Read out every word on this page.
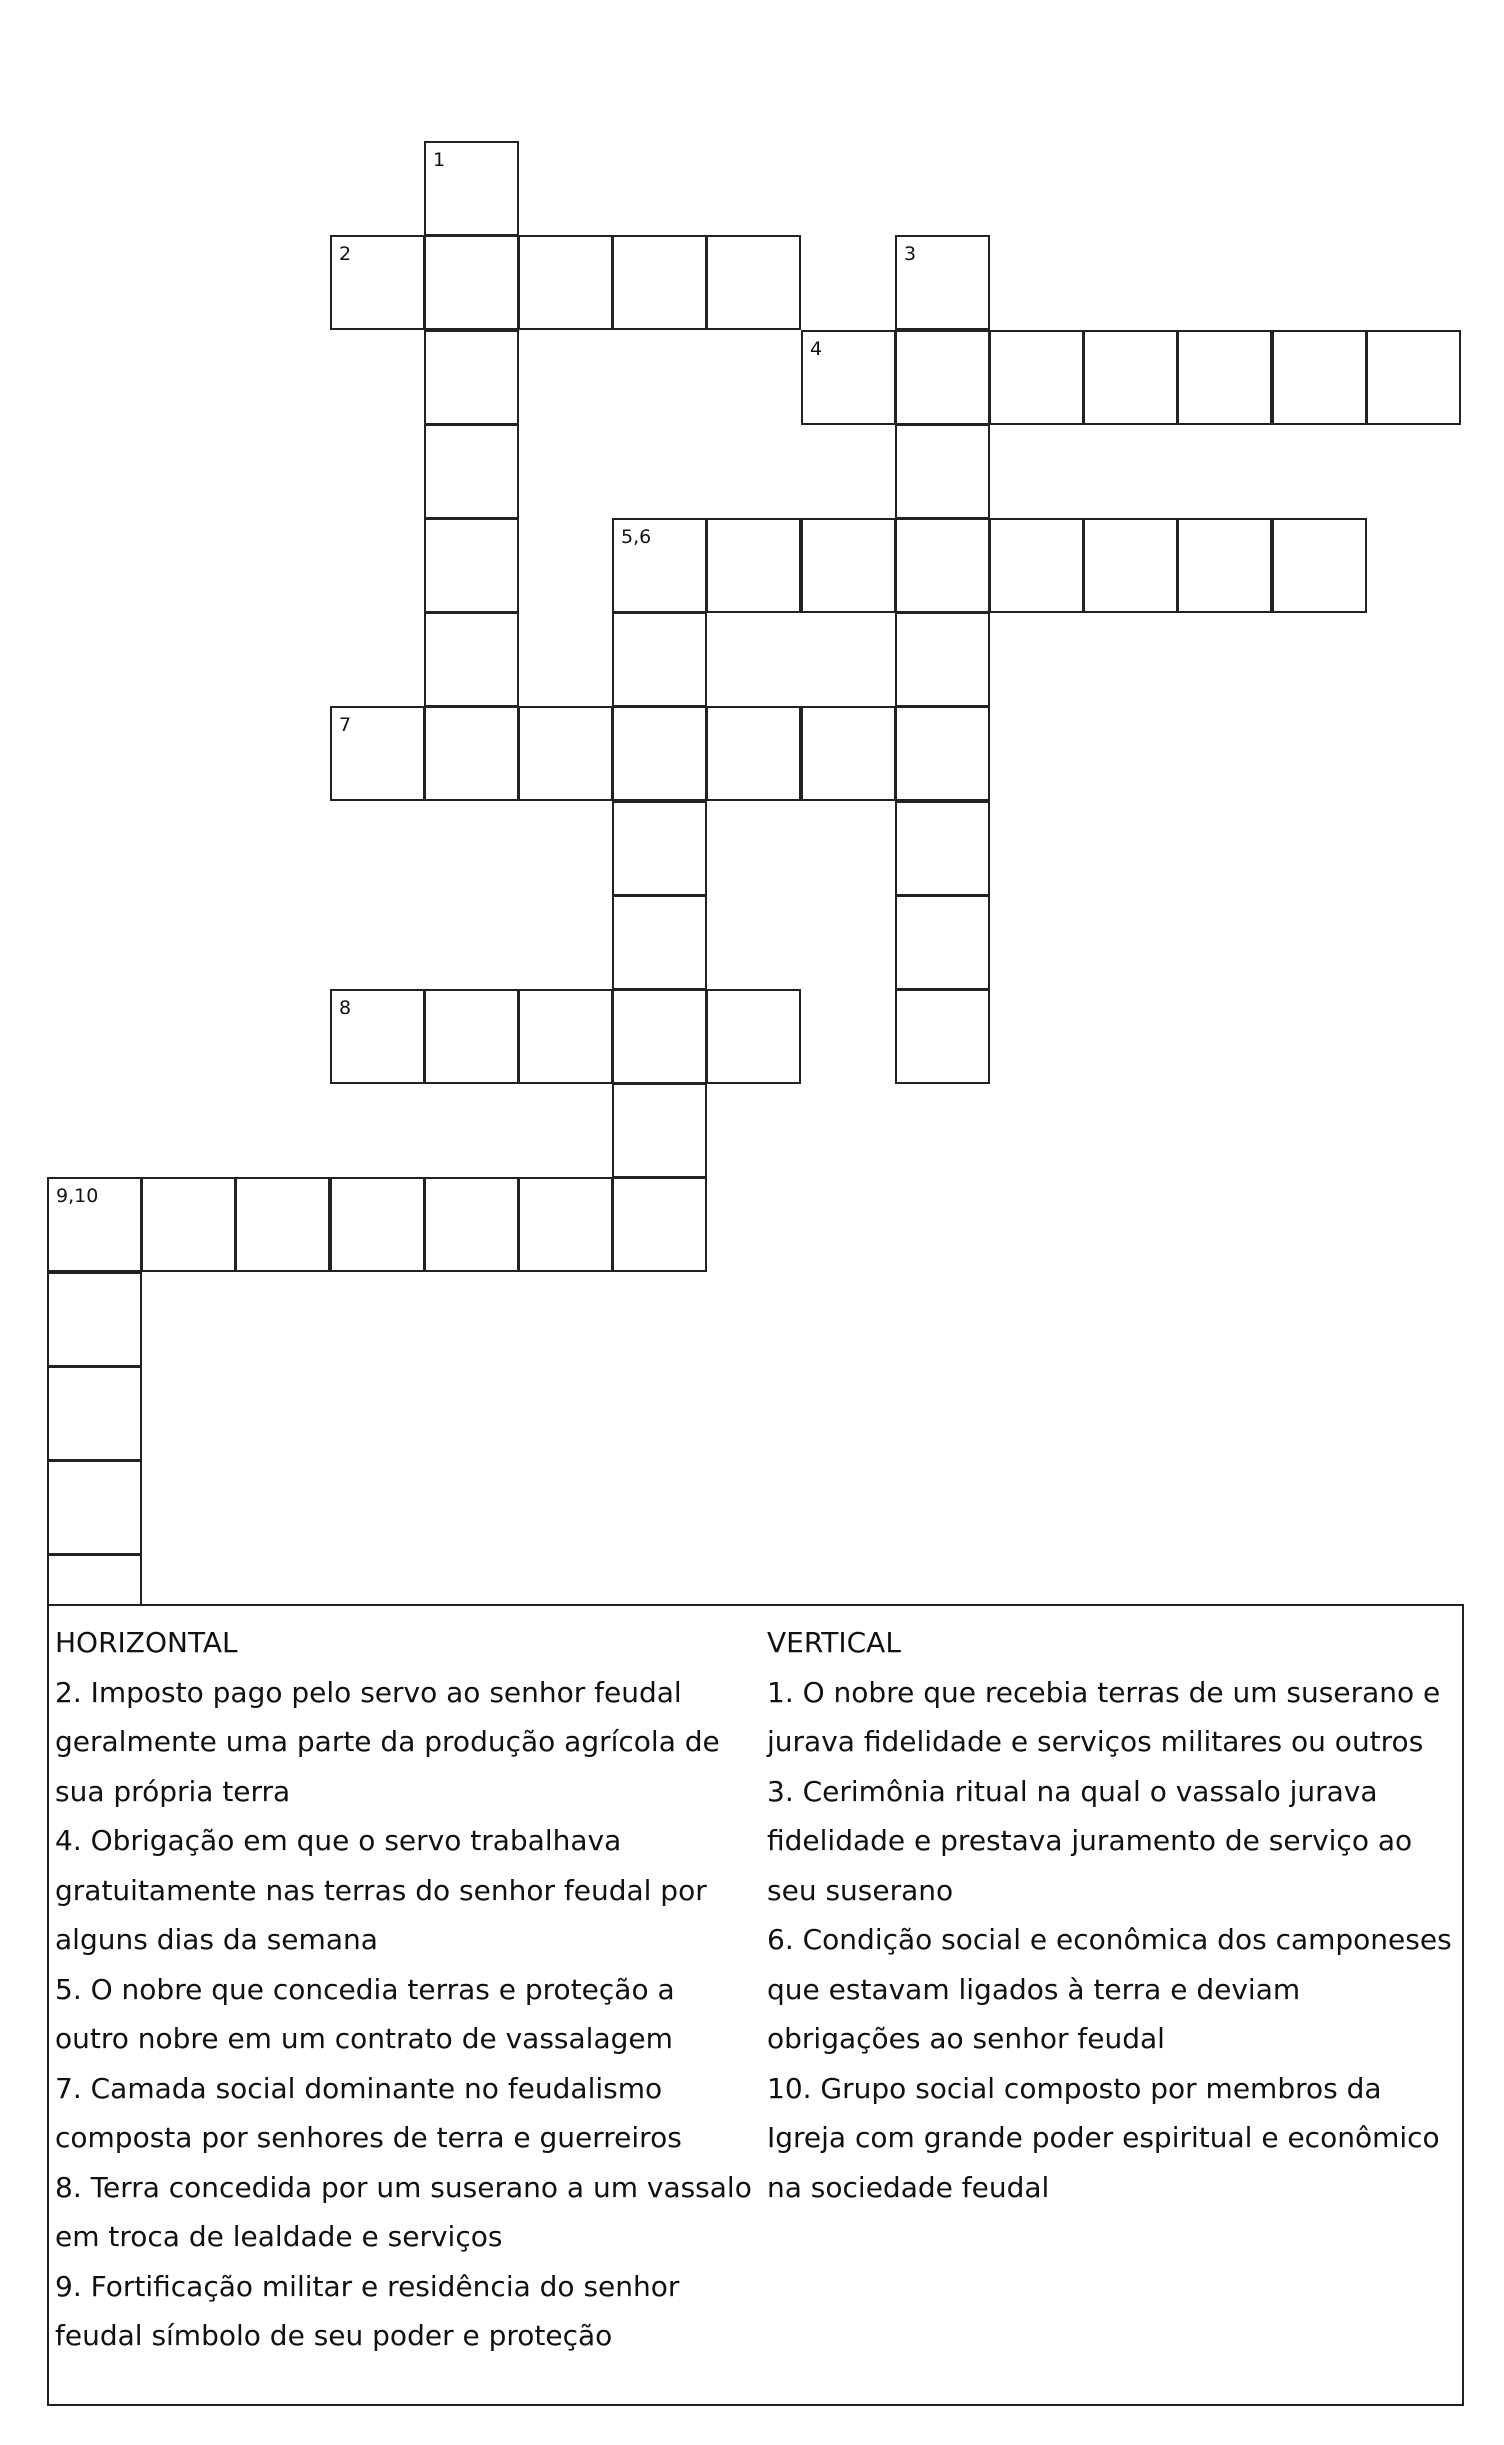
1
2	3
4
5,6
7
8
9,10
HORIZONTAL
2. Imposto pago pelo servo ao senhor feudal geralmente uma parte da produção agrícola de sua própria terra
4. Obrigação em que o servo trabalhava gratuitamente nas terras do senhor feudal por alguns dias da semana
5. O nobre que concedia terras e proteção a outro nobre em um contrato de vassalagem
7. Camada social dominante no feudalismo composta por senhores de terra e guerreiros
8. Terra concedida por um suserano a um vassalo em troca de lealdade e serviços
9. Fortificação militar e residência do senhor feudal símbolo de seu poder e proteção
VERTICAL
1. O nobre que recebia terras de um suserano e jurava fidelidade e serviços militares ou outros
3. Cerimônia ritual na qual o vassalo jurava fidelidade e prestava juramento de serviço ao seu suserano
6. Condição social e econômica dos camponeses que estavam ligados à terra e deviam obrigações ao senhor feudal
10. Grupo social composto por membros da Igreja com grande poder espiritual e econômico na sociedade feudal
